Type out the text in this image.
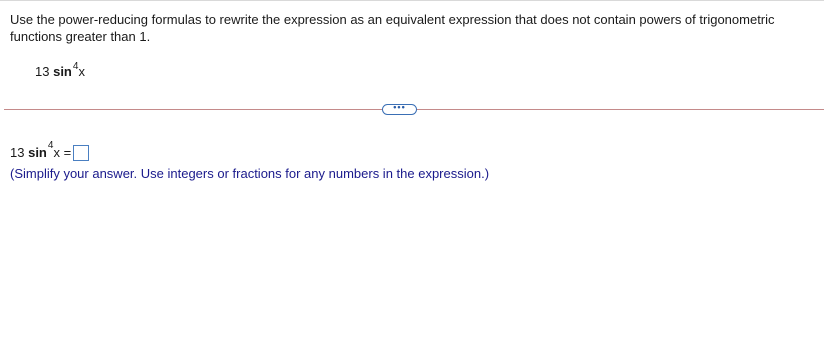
Use the power-reducing formulas to rewrite the expression as an equivalent expression that does not contain powers of trigonometric functions greater than 1.
13 $\sin^4x$
•••
13
sin 4 x
=
(Simplify your answer. Use integers or fractions for any numbers in the expression.)
